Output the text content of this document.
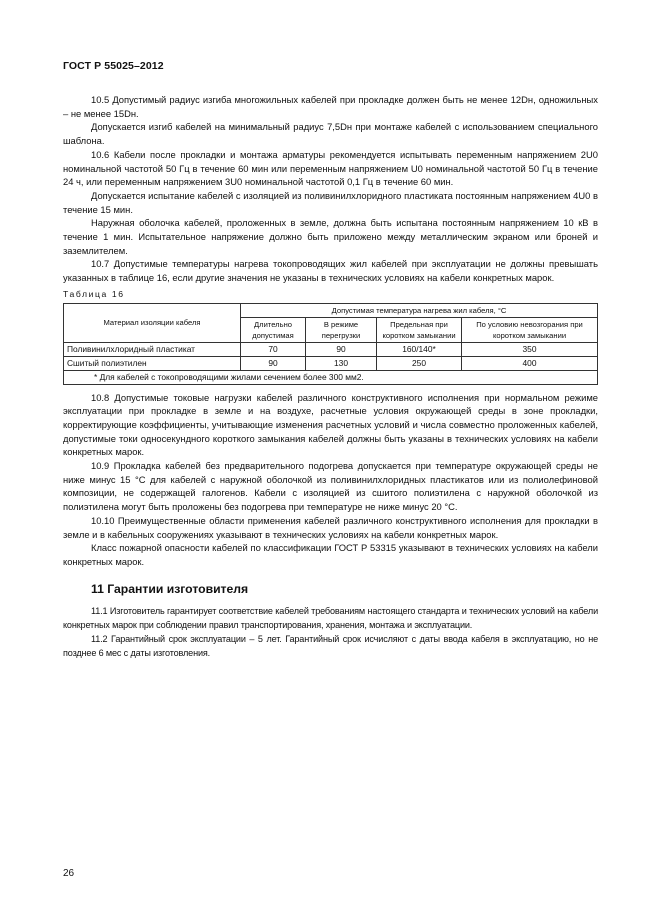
ГОСТ Р 55025–2012

10.5 Допустимый радиус изгиба многожильных кабелей при прокладке должен быть не менее 12Dн, одножильных – не менее 15Dн.

Допускается изгиб кабелей на минимальный радиус 7,5Dн при монтаже кабелей с использованием специального шаблона.

10.6 Кабели после прокладки и монтажа арматуры рекомендуется испытывать переменным напряжением 2U0 номинальной частотой 50 Гц в течение 60 мин или переменным напряжением U0 номинальной частотой 50 Гц в течение 24 ч, или переменным напряжением 3U0 номинальной частотой 0,1 Гц в течение 60 мин.

Допускается испытание кабелей с изоляцией из поливинилхлоридного пластиката постоянным напряжением 4U0 в течение 15 мин.

Наружная оболочка кабелей, проложенных в земле, должна быть испытана постоянным напряжением 10 кВ в течение 1 мин. Испытательное напряжение должно быть приложено между металлическим экраном или броней и заземлителем.

10.7 Допустимые температуры нагрева токопроводящих жил кабелей при эксплуатации не должны превышать указанных в таблице 16, если другие значения не указаны в технических условиях на кабели конкретных марок.

Таблица 16

Материал изоляции кабеля	Допустимая температура нагрева жил кабеля, °С			
	Длительно допустимая	В режиме перегрузки	Предельная при коротком замыкании	По условию невозгорания при коротком замыкании
Поливинилхлоридный пластикат	70	90	160/140*	350
Сшитый полиэтилен	90	130	250	400
* Для кабелей с токопроводящими жилами сечением более 300 мм2.				

10.8 Допустимые токовые нагрузки кабелей различного конструктивного исполнения при нормальном режиме эксплуатации при прокладке в земле и на воздухе, расчетные условия окружающей среды в зоне прокладки, корректирующие коэффициенты, учитывающие изменения расчетных условий и числа совместно проложенных кабелей, допустимые токи односекундного короткого замыкания кабелей должны быть указаны в технических условиях на кабели конкретных марок.

10.9 Прокладка кабелей без предварительного подогрева допускается при температуре окружающей среды не ниже минус 15 °С для кабелей с наружной оболочкой из поливинилхлоридных пластикатов или из полиолефиновой композиции, не содержащей галогенов. Кабели с изоляцией из сшитого полиэтилена с наружной оболочкой из полиэтилена могут быть проложены без подогрева при температуре не ниже минус 20 °С.

10.10 Преимущественные области применения кабелей различного конструктивного исполнения для прокладки в земле и в кабельных сооружениях указывают в технических условиях на кабели конкретных марок.

Класс пожарной опасности кабелей по классификации ГОСТ Р 53315 указывают в технических условиях на кабели конкретных марок.

11 Гарантии изготовителя

11.1 Изготовитель гарантирует соответствие кабелей требованиям настоящего стандарта и технических условий на кабели конкретных марок при соблюдении правил транспортирования, хранения, монтажа и эксплуатации.

11.2 Гарантийный срок эксплуатации – 5 лет. Гарантийный срок исчисляют с даты ввода кабеля в эксплуатацию, но не позднее 6 мес с даты изготовления.

26
